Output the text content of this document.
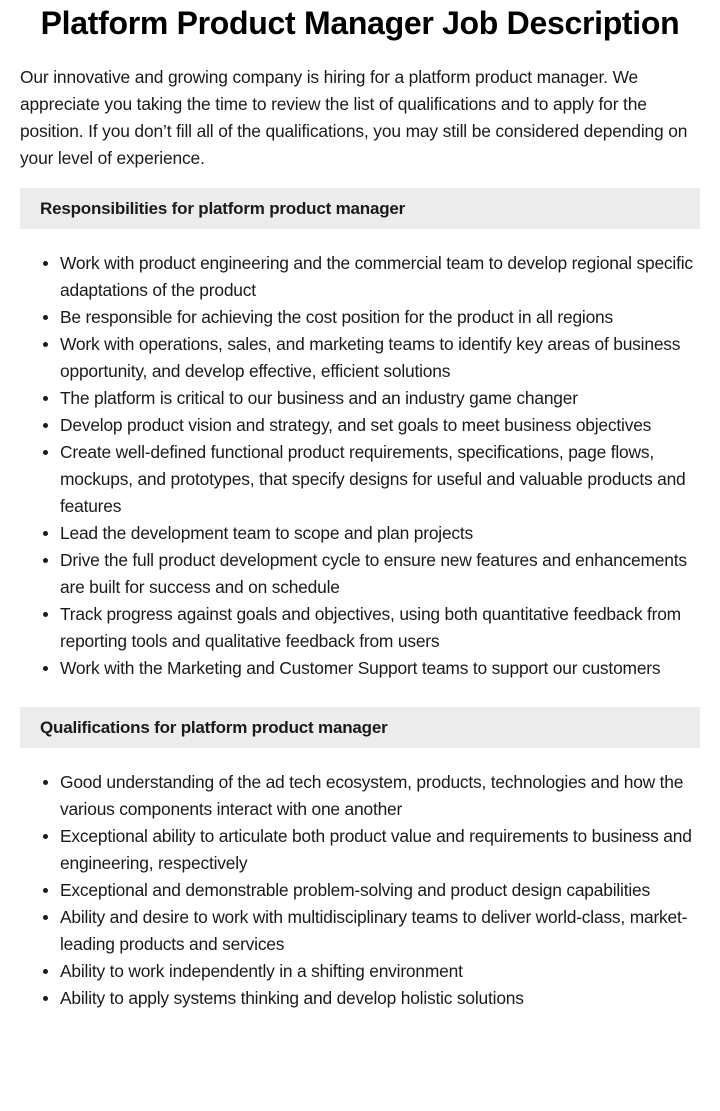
Platform Product Manager Job Description

Our innovative and growing company is hiring for a platform product manager. We appreciate you taking the time to review the list of qualifications and to apply for the position. If you don’t fill all of the qualifications, you may still be considered depending on your level of experience.

Responsibilities for platform product manager
Work with product engineering and the commercial team to develop regional specific adaptations of the product
Be responsible for achieving the cost position for the product in all regions
Work with operations, sales, and marketing teams to identify key areas of business opportunity, and develop effective, efficient solutions
The platform is critical to our business and an industry game changer
Develop product vision and strategy, and set goals to meet business objectives
Create well-defined functional product requirements, specifications, page flows, mockups, and prototypes, that specify designs for useful and valuable products and features
Lead the development team to scope and plan projects
Drive the full product development cycle to ensure new features and enhancements are built for success and on schedule
Track progress against goals and objectives, using both quantitative feedback from reporting tools and qualitative feedback from users
Work with the Marketing and Customer Support teams to support our customers
Qualifications for platform product manager
Good understanding of the ad tech ecosystem, products, technologies and how the various components interact with one another
Exceptional ability to articulate both product value and requirements to business and engineering, respectively
Exceptional and demonstrable problem-solving and product design capabilities
Ability and desire to work with multidisciplinary teams to deliver world-class, market-leading products and services
Ability to work independently in a shifting environment
Ability to apply systems thinking and develop holistic solutions
